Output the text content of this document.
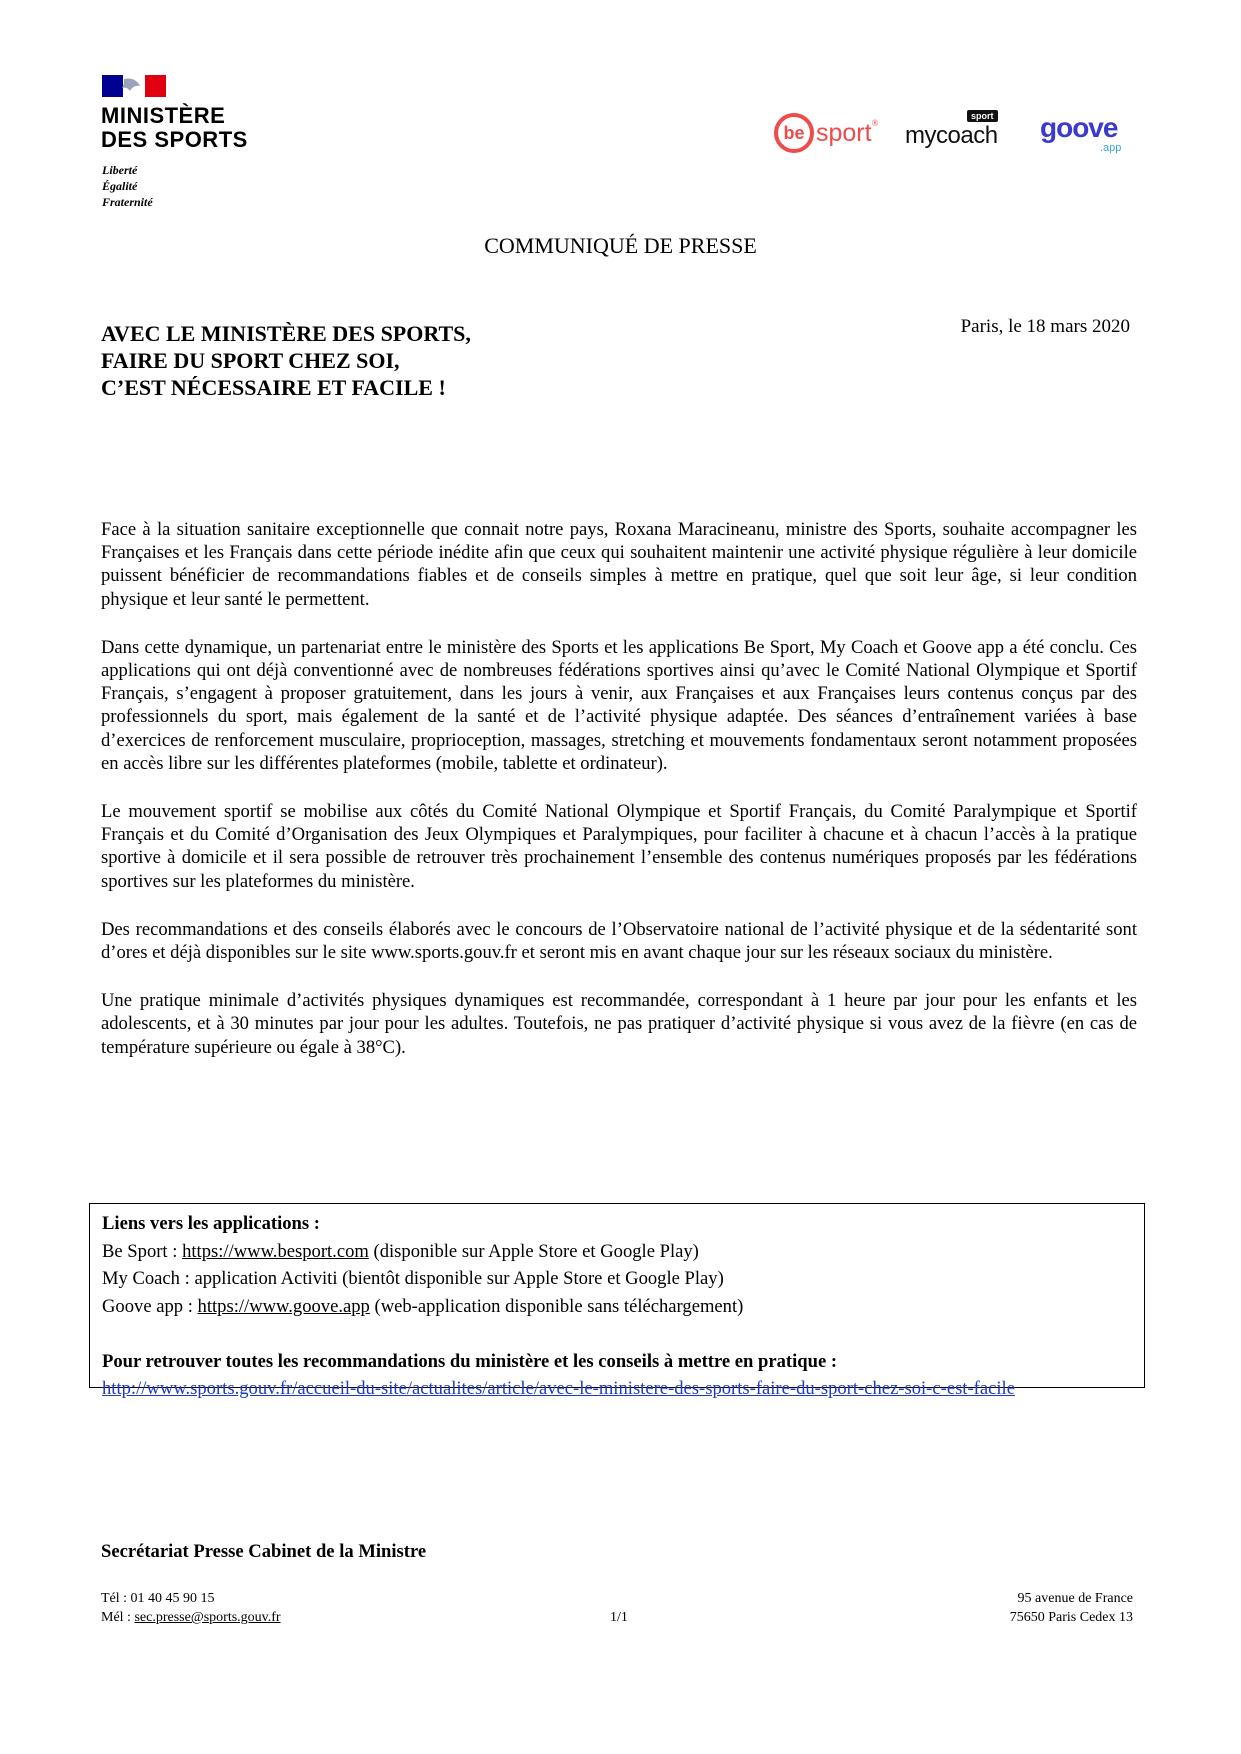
MINISTÈRE
DES SPORTS
Liberté
Égalité
Fraternité
be sport ®
sport
mycoach goove
.app

COMMUNIQUÉ DE PRESSE

AVEC LE MINISTÈRE DES SPORTS,
FAIRE DU SPORT CHEZ SOI,
C’EST NÉCESSAIRE ET FACILE !

Paris, le 18 mars 2020

Face à la situation sanitaire exceptionnelle que connait notre pays, Roxana Maracineanu, ministre des Sports, souhaite accompagner les Françaises et les Français dans cette période inédite afin que ceux qui souhaitent maintenir une activité physique régulière à leur domicile puissent bénéficier de recommandations fiables et de conseils simples à mettre en pratique, quel que soit leur âge, si leur condition physique et leur santé le permettent.

Dans cette dynamique, un partenariat entre le ministère des Sports et les applications Be Sport, My Coach et Goove app a été conclu. Ces applications qui ont déjà conventionné avec de nombreuses fédérations sportives ainsi qu’avec le Comité National Olympique et Sportif Français, s’engagent à proposer gratuitement, dans les jours à venir, aux Françaises et aux Françaises leurs contenus conçus par des professionnels du sport, mais également de la santé et de l’activité physique adaptée. Des séances d’entraînement variées à base d’exercices de renforcement musculaire, proprioception, massages, stretching et mouvements fondamentaux seront notamment proposées en accès libre sur les différentes plateformes (mobile, tablette et ordinateur).

Le mouvement sportif se mobilise aux côtés du Comité National Olympique et Sportif Français, du Comité Paralympique et Sportif Français et du Comité d’Organisation des Jeux Olympiques et Paralympiques, pour faciliter à chacune et à chacun l’accès à la pratique sportive à domicile et il sera possible de retrouver très prochainement l’ensemble des contenus numériques proposés par les fédérations sportives sur les plateformes du ministère.

Des recommandations et des conseils élaborés avec le concours de l’Observatoire national de l’activité physique et de la sédentarité sont d’ores et déjà disponibles sur le site www.sports.gouv.fr et seront mis en avant chaque jour sur les réseaux sociaux du ministère.

Une pratique minimale d’activités physiques dynamiques est recommandée, correspondant à 1 heure par jour pour les enfants et les adolescents, et à 30 minutes par jour pour les adultes. Toutefois, ne pas pratiquer d’activité physique si vous avez de la fièvre (en cas de température supérieure ou égale à 38°C).

Liens vers les applications :
Be Sport : https://www.besport.com (disponible sur Apple Store et Google Play)
My Coach : application Activiti (bientôt disponible sur Apple Store et Google Play)
Goove app : https://www.goove.app (web-application disponible sans téléchargement)
Pour retrouver toutes les recommandations du ministère et les conseils à mettre en pratique :
http://www.sports.gouv.fr/accueil-du-site/actualites/article/avec-le-ministere-des-sports-faire-du-sport-chez-soi-c-est-facile

Secrétariat Presse Cabinet de la Ministre

Tél : 01 40 45 90 15
Mél : sec.presse@sports.gouv.fr	1/1
95 avenue de France
75650 Paris Cedex 13
